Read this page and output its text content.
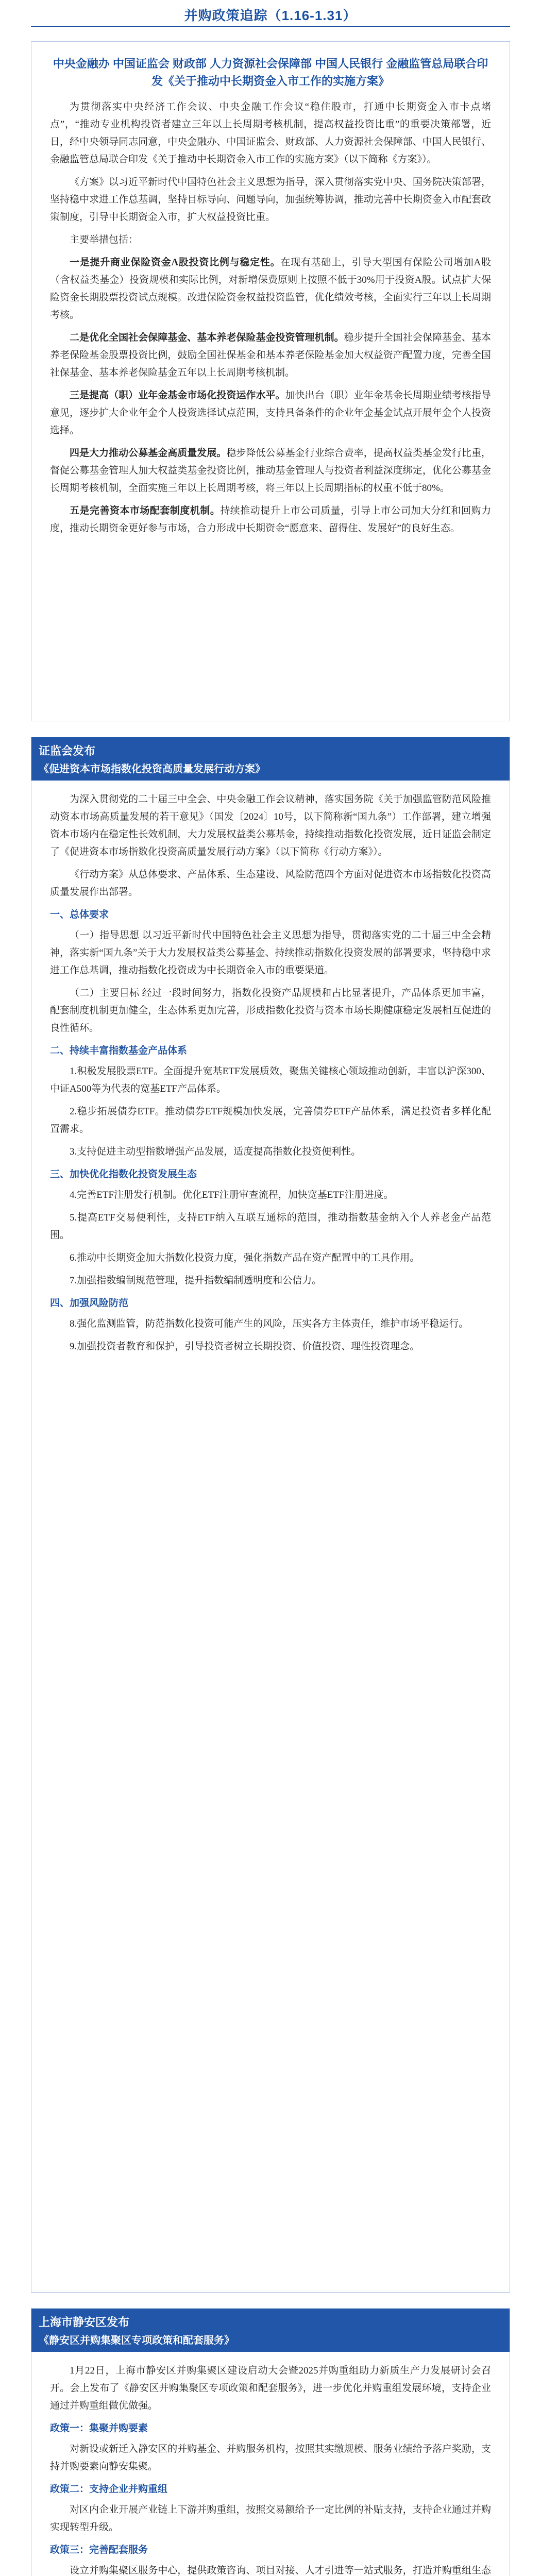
并购政策追踪（1.16-1.31）
中央金融办 中国证监会 财政部 人力资源社会保障部 中国人民银行 金融监管总局联合印发《关于推动中长期资金入市工作的实施方案》

为贯彻落实中央经济工作会议、中央金融工作会议“稳住股市，打通中长期资金入市卡点堵点”，“推动专业机构投资者建立三年以上长周期考核机制，提高权益投资比重”的重要决策部署，近日，经中央领导同志同意，中央金融办、中国证监会、财政部、人力资源社会保障部、中国人民银行、金融监管总局联合印发《关于推动中长期资金入市工作的实施方案》（以下简称《方案》）。

《方案》以习近平新时代中国特色社会主义思想为指导，深入贯彻落实党中央、国务院决策部署，坚持稳中求进工作总基调，坚持目标导向、问题导向，加强统筹协调，推动完善中长期资金入市配套政策制度，引导中长期资金入市，扩大权益投资比重。

主要举措包括：

一是提升商业保险资金A股投资比例与稳定性。在现有基础上，引导大型国有保险公司增加A股（含权益类基金）投资规模和实际比例，对新增保费原则上按照不低于30%用于投资A股。试点扩大保险资金长期股票投资试点规模。改进保险资金权益投资监管，优化绩效考核，全面实行三年以上长周期考核。

二是优化全国社会保障基金、基本养老保险基金投资管理机制。稳步提升全国社会保障基金、基本养老保险基金股票投资比例，鼓励全国社保基金和基本养老保险基金加大权益资产配置力度，完善全国社保基金、基本养老保险基金五年以上长周期考核机制。

三是提高（职）业年金基金市场化投资运作水平。加快出台（职）业年金基金长周期业绩考核指导意见，逐步扩大企业年金个人投资选择试点范围，支持具备条件的企业年金基金试点开展年金个人投资选择。

四是大力推动公募基金高质量发展。稳步降低公募基金行业综合费率，提高权益类基金发行比重，督促公募基金管理人加大权益类基金投资比例，推动基金管理人与投资者利益深度绑定，优化公募基金长周期考核机制，全面实施三年以上长周期考核，将三年以上长周期指标的权重不低于80%。

五是完善资本市场配套制度机制。持续推动提升上市公司质量，引导上市公司加大分红和回购力度，推动长期资金更好参与市场，合力形成中长期资金“愿意来、留得住、发展好”的良好生态。

证监会发布
《促进资本市场指数化投资高质量发展行动方案》

为深入贯彻党的二十届三中全会、中央金融工作会议精神，落实国务院《关于加强监管防范风险推动资本市场高质量发展的若干意见》（国发〔2024〕10号，以下简称新“国九条”）工作部署，建立增强资本市场内在稳定性长效机制，大力发展权益类公募基金，持续推动指数化投资发展，近日证监会制定了《促进资本市场指数化投资高质量发展行动方案》（以下简称《行动方案》）。

《行动方案》从总体要求、产品体系、生态建设、风险防范四个方面对促进资本市场指数化投资高质量发展作出部署。

一、总体要求

（一）指导思想 以习近平新时代中国特色社会主义思想为指导，贯彻落实党的二十届三中全会精神，落实新“国九条”关于大力发展权益类公募基金、持续推动指数化投资发展的部署要求，坚持稳中求进工作总基调，推动指数化投资成为中长期资金入市的重要渠道。

（二）主要目标 经过一段时间努力，指数化投资产品规模和占比显著提升，产品体系更加丰富，配套制度机制更加健全，生态体系更加完善，形成指数化投资与资本市场长期健康稳定发展相互促进的良性循环。

二、持续丰富指数基金产品体系

1.积极发展股票ETF。全面提升宽基ETF发展质效，聚焦关键核心领域推动创新，丰富以沪深300、中证A500等为代表的宽基ETF产品体系。

2.稳步拓展债券ETF。推动债券ETF规模加快发展，完善债券ETF产品体系，满足投资者多样化配置需求。

3.支持促进主动型指数增强产品发展，适度提高指数化投资便利性。

三、加快优化指数化投资发展生态

4.完善ETF注册发行机制。优化ETF注册审查流程，加快宽基ETF注册进度。

5.提高ETF交易便利性，支持ETF纳入互联互通标的范围，推动指数基金纳入个人养老金产品范围。

6.推动中长期资金加大指数化投资力度，强化指数产品在资产配置中的工具作用。

7.加强指数编制规范管理，提升指数编制透明度和公信力。

四、加强风险防范

8.强化监测监管，防范指数化投资可能产生的风险，压实各方主体责任，维护市场平稳运行。

9.加强投资者教育和保护，引导投资者树立长期投资、价值投资、理性投资理念。

上海市静安区发布
《静安区并购集聚区专项政策和配套服务》

1月22日，上海市静安区并购集聚区建设启动大会暨2025并购重组助力新质生产力发展研讨会召开。会上发布了《静安区并购集聚区专项政策和配套服务》，进一步优化并购重组发展环境，支持企业通过并购重组做优做强。

政策一：集聚并购要素

对新设或新迁入静安区的并购基金、并购服务机构，按照其实缴规模、服务业绩给予落户奖励，支持并购要素向静安集聚。

政策二：支持企业并购重组

对区内企业开展产业链上下游并购重组，按照交易额给予一定比例的补贴支持，支持企业通过并购实现转型升级。

政策三：完善配套服务

设立并购集聚区服务中心，提供政策咨询、项目对接、人才引进等一站式服务，打造并购重组生态
